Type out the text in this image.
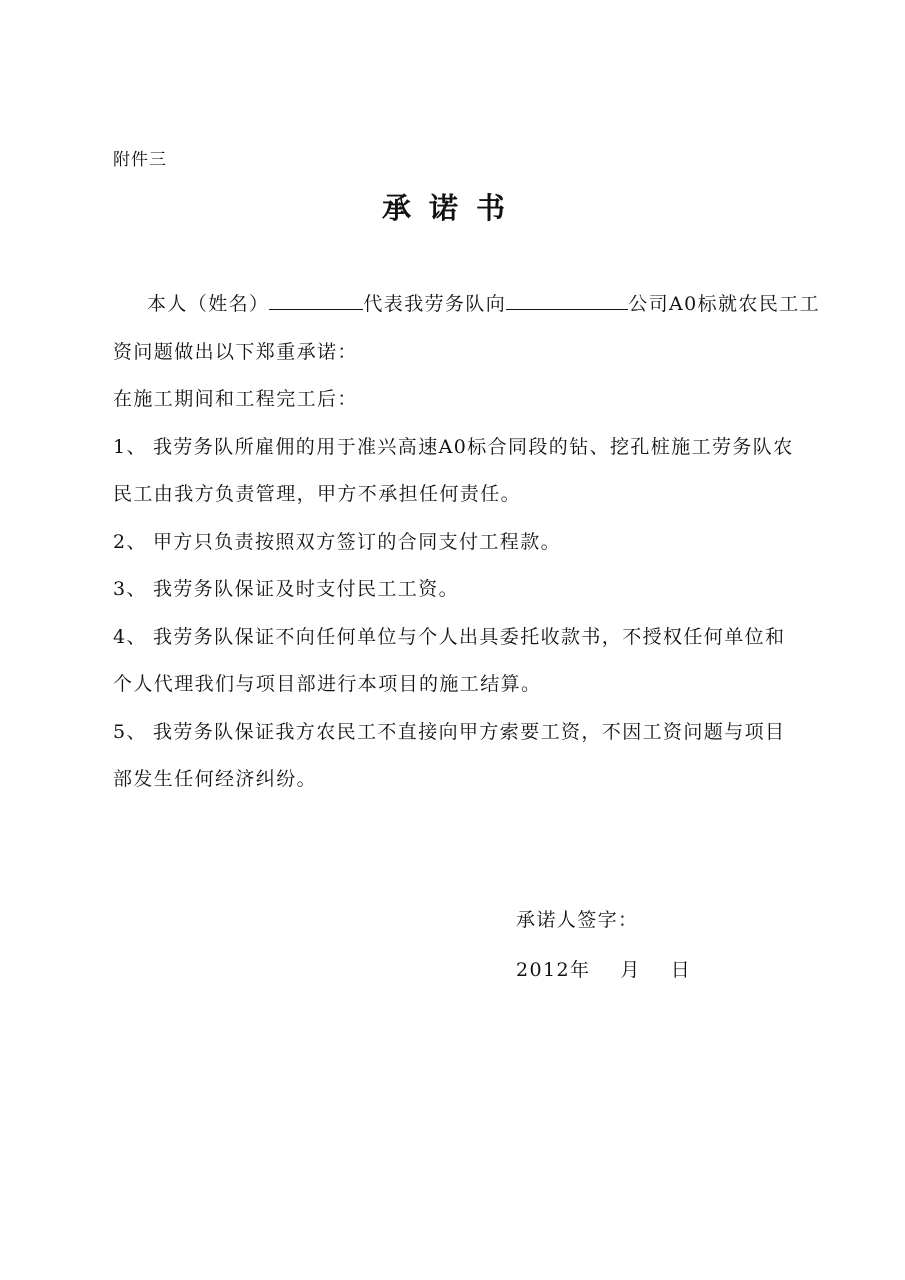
附件三
承诺书
本人（姓名）	代表我劳务队向	公司A0标就农民工工
资问题做出以下郑重承诺：
在施工期间和工程完工后：
1、 我劳务队所雇佣的用于准兴高速A0标合同段的钻、挖孔桩施工劳务队农
民工由我方负责管理，甲方不承担任何责任。
2、 甲方只负责按照双方签订的合同支付工程款。
3、 我劳务队保证及时支付民工工资。
4、 我劳务队保证不向任何单位与个人出具委托收款书，不授权任何单位和
个人代理我们与项目部进行本项目的施工结算。
5、 我劳务队保证我方农民工不直接向甲方索要工资，不因工资问题与项目
部发生任何经济纠纷。
承诺人签字：
2012年 月 日
